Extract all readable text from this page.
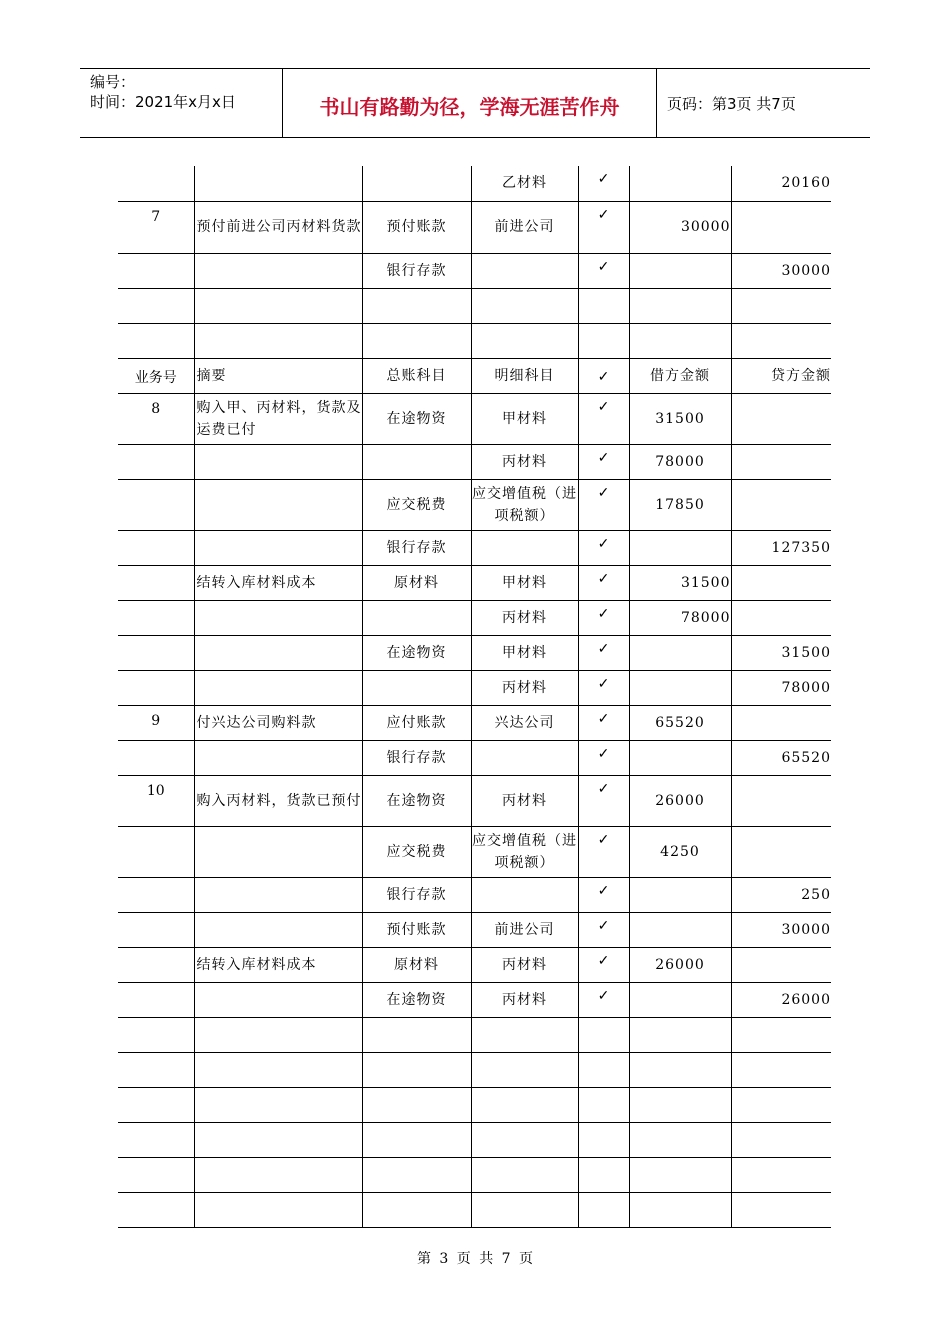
编号：
时间：2021年x月x日	书山有路勤为径，学海无涯苦作舟	页码：第3页 共7页
			乙材料	✓		20160
7	预付前进公司丙材料货款	预付账款	前进公司	✓	30000	
		银行存款		✓		30000

业务号	摘要	总账科目	明细科目	✓	借方金额	贷方金额
8	购入甲、丙材料，货款及运费已付	在途物资	甲材料	✓	31500	
			丙材料	✓	78000	
		应交税费	应交增值税（进项税额）	✓	17850	
		银行存款		✓		127350
	结转入库材料成本	原材料	甲材料	✓	31500	
			丙材料	✓	78000	
		在途物资	甲材料	✓		31500
			丙材料	✓		78000
9	付兴达公司购料款	应付账款	兴达公司	✓	65520	
		银行存款		✓		65520
10	购入丙材料，货款已预付	在途物资	丙材料	✓	26000	
		应交税费	应交增值税（进项税额）	✓	4250	
		银行存款		✓		250
		预付账款	前进公司	✓		30000
	结转入库材料成本	原材料	丙材料	✓	26000	
		在途物资	丙材料	✓		26000

第 3 页 共 7 页
